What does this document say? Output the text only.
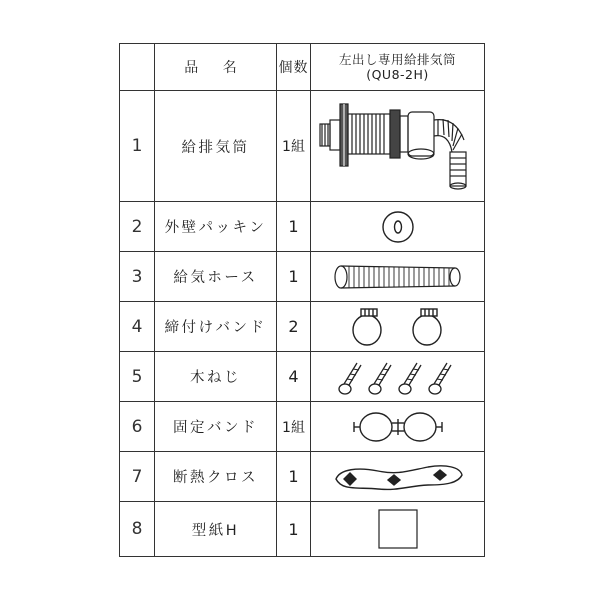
	品 名	個数	左出し専用給排気筒
(QU8-2H)

1	給排気筒	1組	

2	外壁パッキン	1	

3	給気ホース	1	

4	締付けバンド	2	

5	木ねじ	4	

6	固定バンド	1組	

7	断熱クロス	1	

8	型紙H	1	
